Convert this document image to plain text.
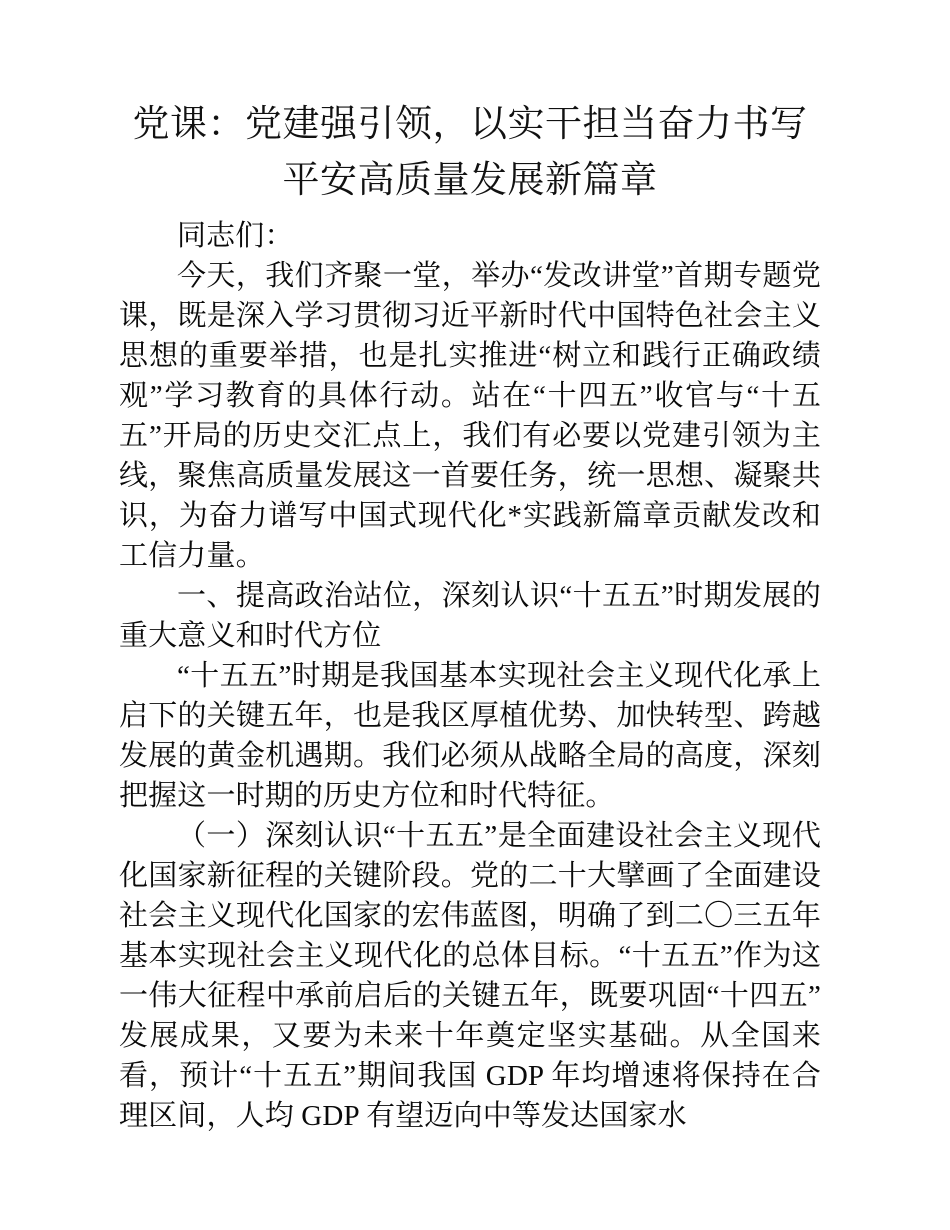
党课：党建强引领，以实干担当奋力书写平安高质量发展新篇章

同志们：

今天，我们齐聚一堂，举办“发改讲堂”首期专题党课，既是深入学习贯彻习近平新时代中国特色社会主义思想的重要举措，也是扎实推进“树立和践行正确政绩观”学习教育的具体行动。站在“十四五”收官与“十五五”开局的历史交汇点上，我们有必要以党建引领为主线，聚焦高质量发展这一首要任务，统一思想、凝聚共识，为奋力谱写中国式现代化*实践新篇章贡献发改和工信力量。

一、提高政治站位，深刻认识“十五五”时期发展的重大意义和时代方位

“十五五”时期是我国基本实现社会主义现代化承上启下的关键五年，也是我区厚植优势、加快转型、跨越发展的黄金机遇期。我们必须从战略全局的高度，深刻把握这一时期的历史方位和时代特征。

（一）深刻认识“十五五”是全面建设社会主义现代化国家新征程的关键阶段。党的二十大擘画了全面建设社会主义现代化国家的宏伟蓝图，明确了到二〇三五年基本实现社会主义现代化的总体目标。“十五五”作为这一伟大征程中承前启后的关键五年，既要巩固“十四五”发展成果，又要为未来十年奠定坚实基础。从全国来看，预计“十五五”期间我国 GDP 年均增速将保持在合理区间，人均 GDP 有望迈向中等发达国家水
